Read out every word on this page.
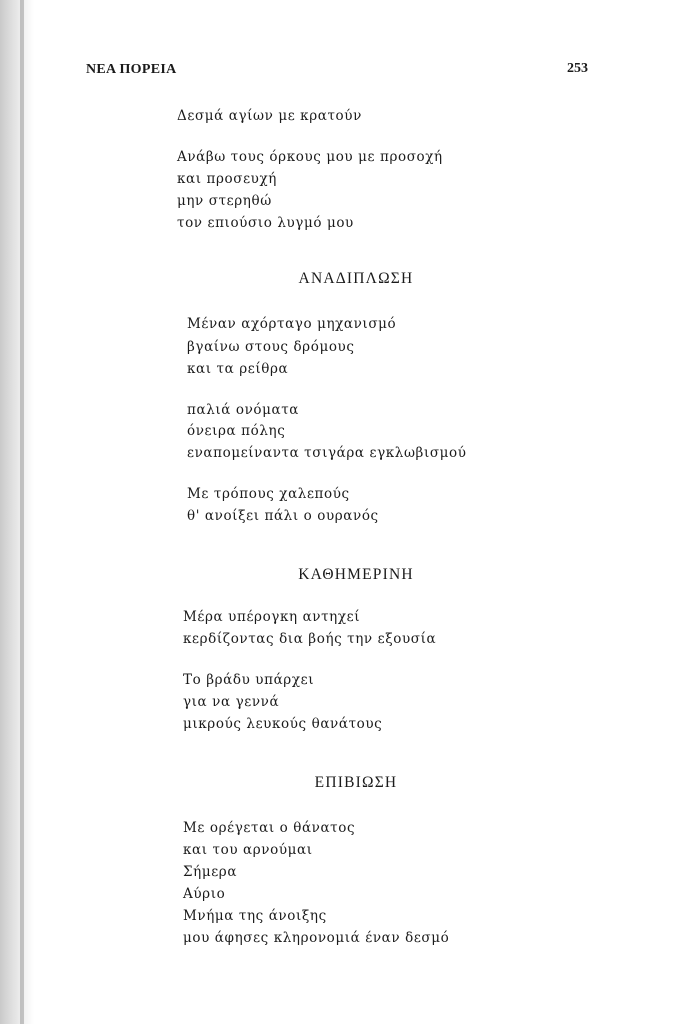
ΝΕΑ ΠΟΡΕΙΑ	253
Δεσμά αγίων με κρατούν
Ανάβω τους όρκους μου με προσοχή
και προσευχή
μην στερηθώ
τον επιούσιο λυγμό μου
ΑΝΑΔΙΠΛΩΣΗ
Μέναν αχόρταγο μηχανισμό
βγαίνω στους δρόμους
και τα ρείθρα
παλιά ονόματα
όνειρα πόλης
εναπομείναντα τσιγάρα εγκλωβισμού
Με τρόπους χαλεπούς
θ' ανοίξει πάλι ο ουρανός
ΚΑΘΗΜΕΡΙΝΗ
Μέρα υπέρογκη αντηχεί
κερδίζοντας δια βοής την εξουσία
Το βράδυ υπάρχει
για να γεννά
μικρούς λευκούς θανάτους
ΕΠΙΒΙΩΣΗ
Με ορέγεται ο θάνατος
και του αρνούμαι
Σήμερα
Αύριο
Μνήμα της άνοιξης
μου άφησες κληρονομιά έναν δεσμό
